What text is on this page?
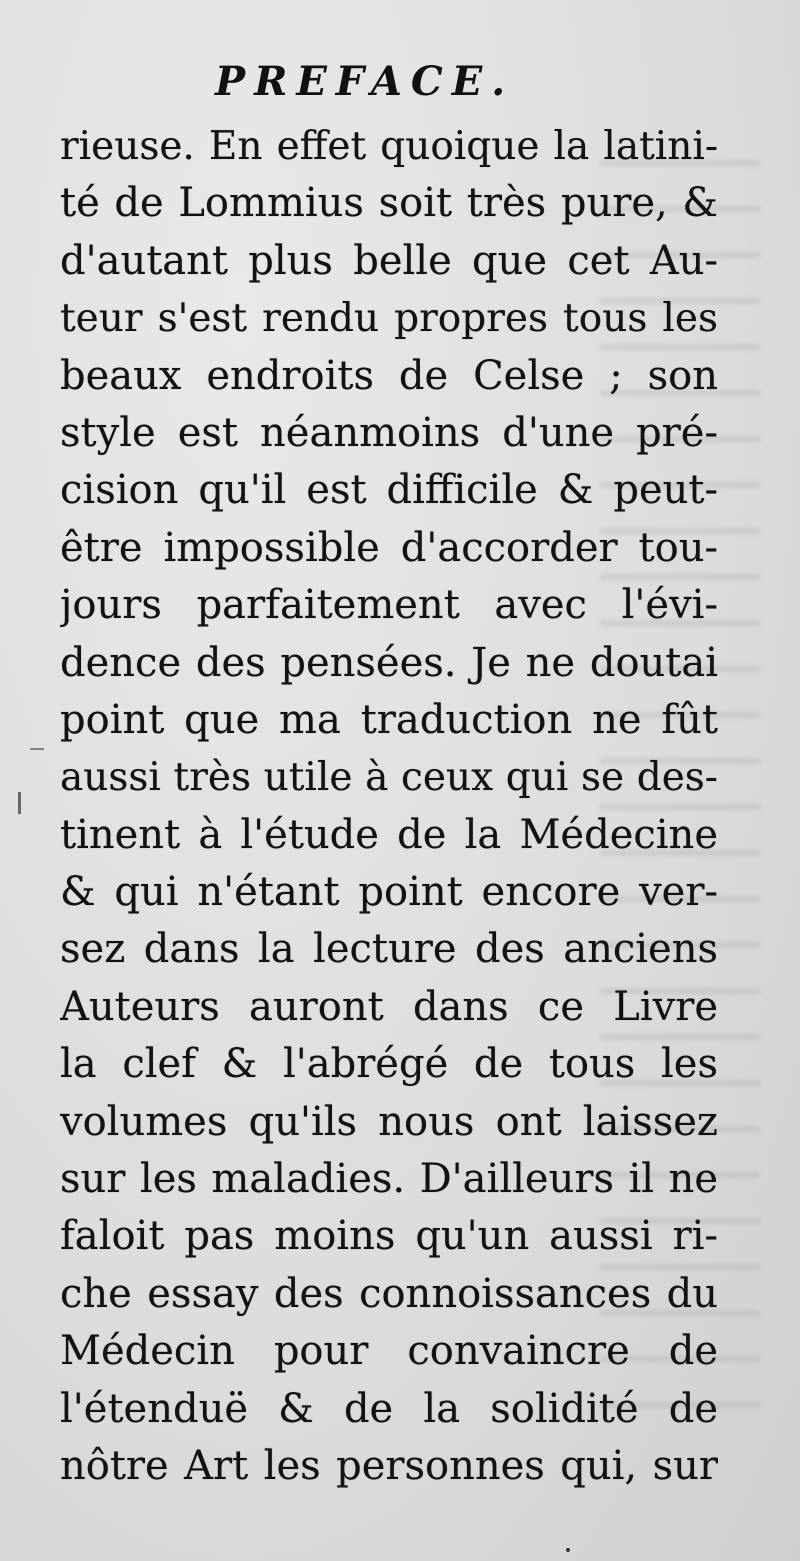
PREFACE.
rieuse. En effet quoique la latini-
té de Lommius soit très pure, &
d'autant plus belle que cet Au-
teur s'est rendu propres tous les
beaux endroits de Celse ; son
style est néanmoins d'une pré-
cision qu'il est difficile & peut-
être impossible d'accorder tou-
jours parfaitement avec l'évi-
dence des pensées. Je ne doutai
point que ma traduction ne fût
aussi très utile à ceux qui se des-
tinent à l'étude de la Médecine
& qui n'étant point encore ver-
sez dans la lecture des anciens
Auteurs auront dans ce Livre
la clef & l'abrégé de tous les
volumes qu'ils nous ont laissez
sur les maladies. D'ailleurs il ne
faloit pas moins qu'un aussi ri-
che essay des connoissances du
Médecin pour convaincre de
l'étenduë & de la solidité de
nôtre Art les personnes qui, sur
